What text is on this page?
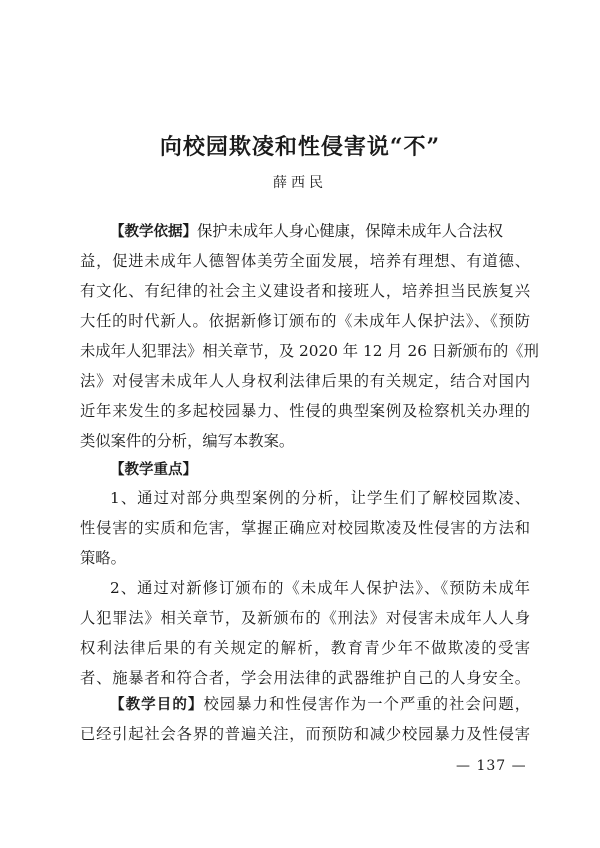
向校园欺凌和性侵害说“不”

薛西民

【教学依据】保护未成年人身心健康，保障未成年人合法权
益，促进未成年人德智体美劳全面发展，培养有理想、有道德、
有文化、有纪律的社会主义建设者和接班人，培养担当民族复兴
大任的时代新人。依据新修订颁布的《未成年人保护法》、《预防
未成年人犯罪法》相关章节，及 2020 年 12 月 26 日新颁布的《刑
法》对侵害未成年人人身权利法律后果的有关规定，结合对国内
近年来发生的多起校园暴力、性侵的典型案例及检察机关办理的
类似案件的分析，编写本教案。
【教学重点】
1、通过对部分典型案例的分析，让学生们了解校园欺凌、
性侵害的实质和危害，掌握正确应对校园欺凌及性侵害的方法和
策略。
2、通过对新修订颁布的《未成年人保护法》、《预防未成年
人犯罪法》相关章节，及新颁布的《刑法》对侵害未成年人人身
权利法律后果的有关规定的解析，教育青少年不做欺凌的受害
者、施暴者和符合者，学会用法律的武器维护自己的人身安全。
【教学目的】校园暴力和性侵害作为一个严重的社会问题，
已经引起社会各界的普遍关注，而预防和减少校园暴力及性侵害
— 137 —
